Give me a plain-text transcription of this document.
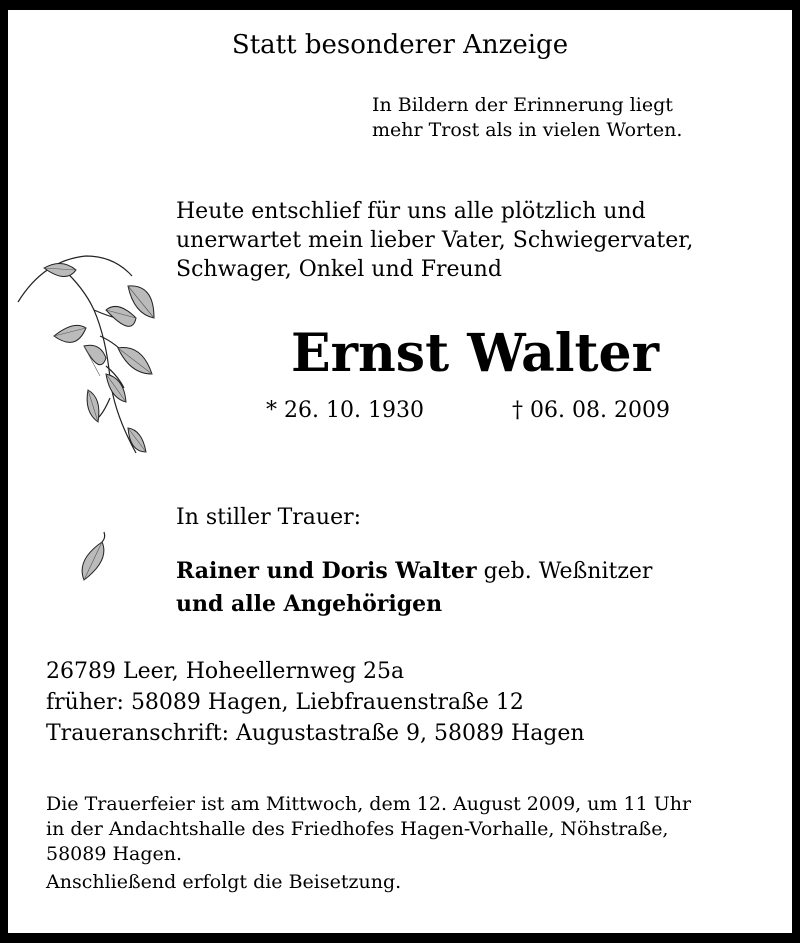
Statt besonderer Anzeige
In Bildern der Erinnerung liegt
mehr Trost als in vielen Worten.
Heute entschlief für uns alle plötzlich und
unerwartet mein lieber Vater, Schwiegervater,
Schwager, Onkel und Freund
Ernst Walter
* 26. 10. 1930	† 06. 08. 2009
In stiller Trauer:
Rainer und Doris Walter geb. Weßnitzer
und alle Angehörigen
26789 Leer, Hoheellernweg 25a
früher: 58089 Hagen, Liebfrauenstraße 12
Traueranschrift: Augustastraße 9, 58089 Hagen
Die Trauerfeier ist am Mittwoch, dem 12. August 2009, um 11 Uhr
in der Andachtshalle des Friedhofes Hagen-Vorhalle, Nöhstraße,
58089 Hagen.
Anschließend erfolgt die Beisetzung.
